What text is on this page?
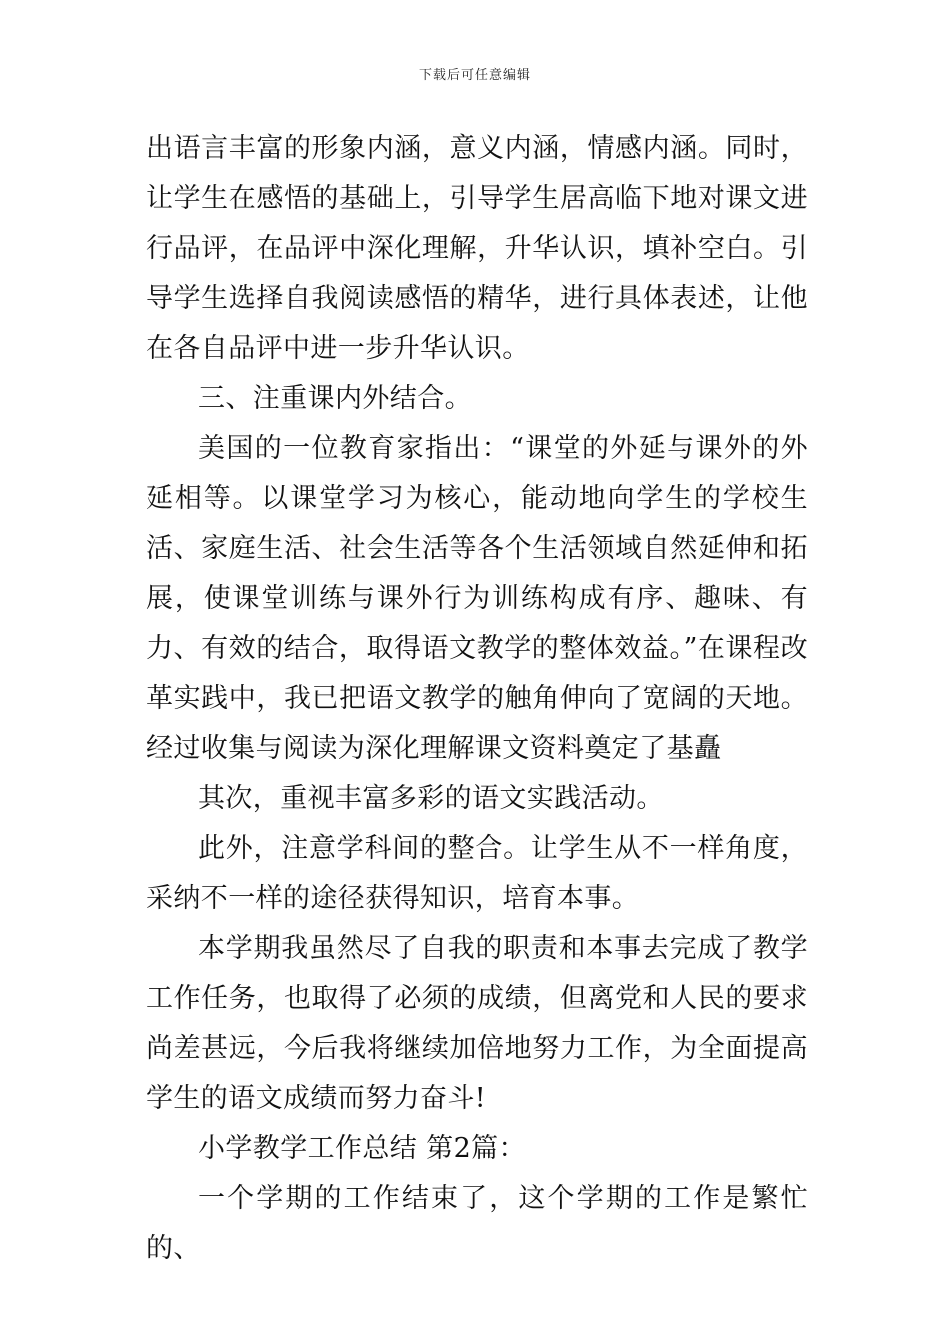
下载后可任意编辑

出语言丰富的形象内涵，意义内涵，情感内涵。同时，让学生在感悟的基础上，引导学生居高临下地对课文进行品评，在品评中深化理解，升华认识，填补空白。引导学生选择自我阅读感悟的精华，进行具体表述，让他在各自品评中进一步升华认识。

三、注重课内外结合。

美国的一位教育家指出：“课堂的外延与课外的外延相等。以课堂学习为核心，能动地向学生的学校生活、家庭生活、社会生活等各个生活领域自然延伸和拓展，使课堂训练与课外行为训练构成有序、趣味、有力、有效的结合，取得语文教学的整体效益。”在课程改革实践中，我已把语文教学的触角伸向了宽阔的天地。经过收集与阅读为深化理解课文资料奠定了基矗

其次，重视丰富多彩的语文实践活动。

此外，注意学科间的整合。让学生从不一样角度，采纳不一样的途径获得知识，培育本事。

本学期我虽然尽了自我的职责和本事去完成了教学工作任务，也取得了必须的成绩，但离党和人民的要求尚差甚远，今后我将继续加倍地努力工作，为全面提高学生的语文成绩而努力奋斗!

小学教学工作总结 第2篇：

一个学期的工作结束了，这个学期的工作是繁忙的、
